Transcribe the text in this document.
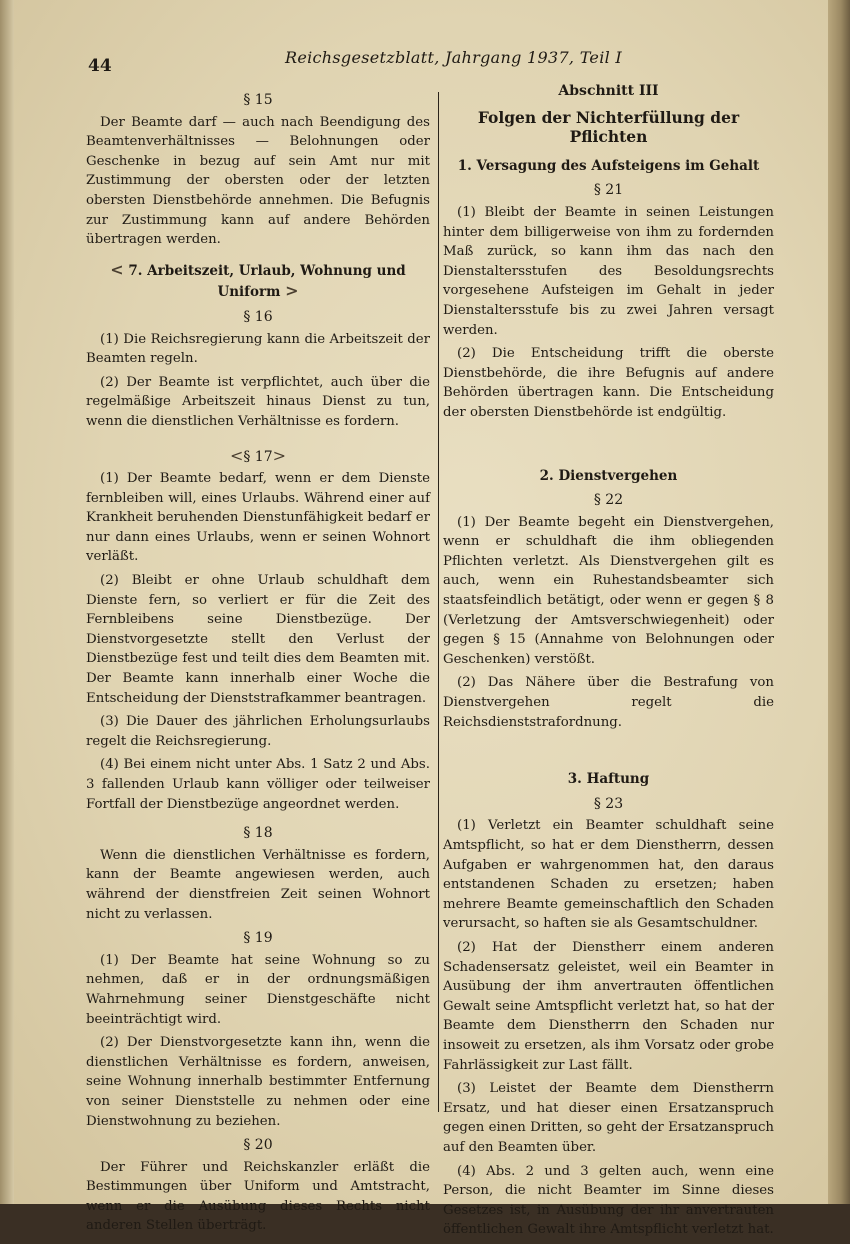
44	Reichsgesetzblatt, Jahrgang 1937, Teil I
§ 15

Der Beamte darf — auch nach Beendigung des Beamtenverhältnisses — Belohnungen oder Geschenke in bezug auf sein Amt nur mit Zustimmung der obersten oder der letzten obersten Dienstbehörde annehmen. Die Befugnis zur Zustimmung kann auf andere Behörden übertragen werden.

< 7. Arbeitszeit, Urlaub, Wohnung und Uniform >
§ 16

(1) Die Reichsregierung kann die Arbeitszeit der Beamten regeln.

(2) Der Beamte ist verpflichtet, auch über die regelmäßige Arbeitszeit hinaus Dienst zu tun, wenn die dienstlichen Verhältnisse es fordern.

<§ 17>

(1) Der Beamte bedarf, wenn er dem Dienste fernbleiben will, eines Urlaubs. Während einer auf Krankheit beruhenden Dienstunfähigkeit bedarf er nur dann eines Urlaubs, wenn er seinen Wohnort verläßt.

(2) Bleibt er ohne Urlaub schuldhaft dem Dienste fern, so verliert er für die Zeit des Fernbleibens seine Dienstbezüge. Der Dienstvorgesetzte stellt den Verlust der Dienstbezüge fest und teilt dies dem Beamten mit. Der Beamte kann innerhalb einer Woche die Entscheidung der Dienststrafkammer beantragen.

(3) Die Dauer des jährlichen Erholungsurlaubs regelt die Reichsregierung.

(4) Bei einem nicht unter Abs. 1 Satz 2 und Abs. 3 fallenden Urlaub kann völliger oder teilweiser Fortfall der Dienstbezüge angeordnet werden.

§ 18

Wenn die dienstlichen Verhältnisse es fordern, kann der Beamte angewiesen werden, auch während der dienstfreien Zeit seinen Wohnort nicht zu verlassen.

§ 19

(1) Der Beamte hat seine Wohnung so zu nehmen, daß er in der ordnungsmäßigen Wahrnehmung seiner Dienstgeschäfte nicht beeinträchtigt wird.

(2) Der Dienstvorgesetzte kann ihn, wenn die dienstlichen Verhältnisse es fordern, anweisen, seine Wohnung innerhalb bestimmter Entfernung von seiner Dienststelle zu nehmen oder eine Dienstwohnung zu beziehen.

§ 20

Der Führer und Reichskanzler erläßt die Bestimmungen über Uniform und Amtstracht, wenn er die Ausübung dieses Rechts nicht anderen Stellen überträgt.

Abschnitt III
Folgen der Nichterfüllung der Pflichten
1. Versagung des Aufsteigens im Gehalt
§ 21

(1) Bleibt der Beamte in seinen Leistungen hinter dem billigerweise von ihm zu fordernden Maß zurück, so kann ihm das nach den Dienstaltersstufen des Besoldungsrechts vorgesehene Aufsteigen im Gehalt in jeder Dienstaltersstufe bis zu zwei Jahren versagt werden.

(2) Die Entscheidung trifft die oberste Dienstbehörde, die ihre Befugnis auf andere Behörden übertragen kann. Die Entscheidung der obersten Dienstbehörde ist endgültig.

2. Dienstvergehen
§ 22

(1) Der Beamte begeht ein Dienstvergehen, wenn er schuldhaft die ihm obliegenden Pflichten verletzt. Als Dienstvergehen gilt es auch, wenn ein Ruhestandsbeamter sich staatsfeindlich betätigt, oder wenn er gegen § 8 (Verletzung der Amtsverschwiegenheit) oder gegen § 15 (Annahme von Belohnungen oder Geschenken) verstößt.

(2) Das Nähere über die Bestrafung von Dienstvergehen regelt die Reichsdienststrafordnung.

3. Haftung
§ 23

(1) Verletzt ein Beamter schuldhaft seine Amtspflicht, so hat er dem Dienstherrn, dessen Aufgaben er wahrgenommen hat, den daraus entstandenen Schaden zu ersetzen; haben mehrere Beamte gemeinschaftlich den Schaden verursacht, so haften sie als Gesamtschuldner.

(2) Hat der Dienstherr einem anderen Schadensersatz geleistet, weil ein Beamter in Ausübung der ihm anvertrauten öffentlichen Gewalt seine Amtspflicht verletzt hat, so hat der Beamte dem Dienstherrn den Schaden nur insoweit zu ersetzen, als ihm Vorsatz oder grobe Fahrlässigkeit zur Last fällt.

(3) Leistet der Beamte dem Dienstherrn Ersatz, und hat dieser einen Ersatzanspruch gegen einen Dritten, so geht der Ersatzanspruch auf den Beamten über.

(4) Abs. 2 und 3 gelten auch, wenn eine Person, die nicht Beamter im Sinne dieses Gesetzes ist, in Ausübung der ihr anvertrauten öffentlichen Gewalt ihre Amtspflicht verletzt hat.
